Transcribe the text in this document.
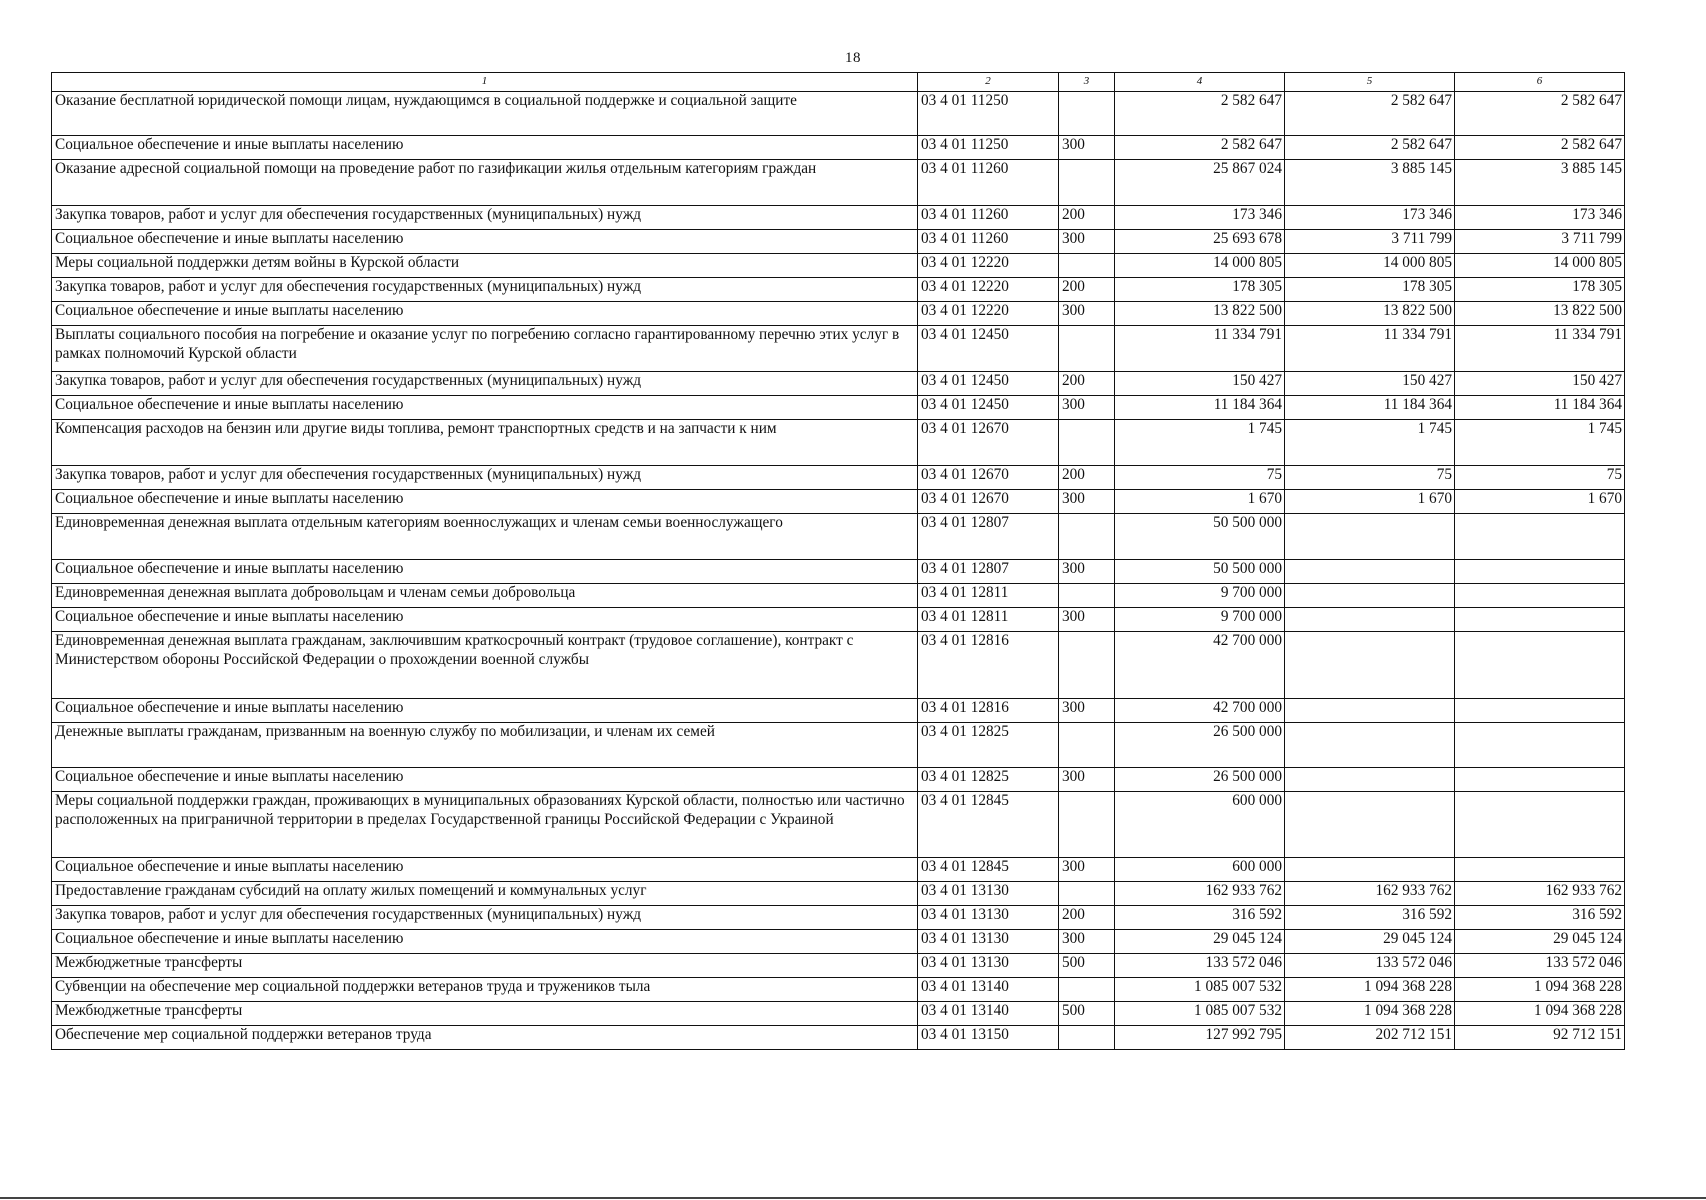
18
1	2	3	4	5	6
Оказание бесплатной юридической помощи лицам, нуждающимся в социальной поддержке и социальной защите	03 4 01 11250		2 582 647	2 582 647	2 582 647
Социальное обеспечение и иные выплаты населению	03 4 01 11250	300	2 582 647	2 582 647	2 582 647
Оказание адресной социальной помощи на проведение работ по газификации жилья отдельным категориям граждан	03 4 01 11260		25 867 024	3 885 145	3 885 145
Закупка товаров, работ и услуг для обеспечения государственных (муниципальных) нужд	03 4 01 11260	200	173 346	173 346	173 346
Социальное обеспечение и иные выплаты населению	03 4 01 11260	300	25 693 678	3 711 799	3 711 799
Меры социальной поддержки детям войны в Курской области	03 4 01 12220		14 000 805	14 000 805	14 000 805
Закупка товаров, работ и услуг для обеспечения государственных (муниципальных) нужд	03 4 01 12220	200	178 305	178 305	178 305
Социальное обеспечение и иные выплаты населению	03 4 01 12220	300	13 822 500	13 822 500	13 822 500
Выплаты социального пособия на погребение и оказание услуг по погребению согласно гарантированному перечню этих услуг в рамках полномочий Курской области	03 4 01 12450		11 334 791	11 334 791	11 334 791
Закупка товаров, работ и услуг для обеспечения государственных (муниципальных) нужд	03 4 01 12450	200	150 427	150 427	150 427
Социальное обеспечение и иные выплаты населению	03 4 01 12450	300	11 184 364	11 184 364	11 184 364
Компенсация расходов на бензин или другие виды топлива, ремонт транспортных средств и на запчасти к ним	03 4 01 12670		1 745	1 745	1 745
Закупка товаров, работ и услуг для обеспечения государственных (муниципальных) нужд	03 4 01 12670	200	75	75	75
Социальное обеспечение и иные выплаты населению	03 4 01 12670	300	1 670	1 670	1 670
Единовременная денежная выплата отдельным категориям военнослужащих и членам семьи военнослужащего	03 4 01 12807		50 500 000		
Социальное обеспечение и иные выплаты населению	03 4 01 12807	300	50 500 000		
Единовременная денежная выплата добровольцам и членам семьи добровольца	03 4 01 12811		9 700 000		
Социальное обеспечение и иные выплаты населению	03 4 01 12811	300	9 700 000		
Единовременная денежная выплата гражданам, заключившим краткосрочный контракт (трудовое соглашение), контракт с Министерством обороны Российской Федерации о прохождении военной службы	03 4 01 12816		42 700 000		
Социальное обеспечение и иные выплаты населению	03 4 01 12816	300	42 700 000		
Денежные выплаты гражданам, призванным на военную службу по мобилизации, и членам их семей	03 4 01 12825		26 500 000		
Социальное обеспечение и иные выплаты населению	03 4 01 12825	300	26 500 000		
Меры социальной поддержки граждан, проживающих в муниципальных образованиях Курской области, полностью или частично расположенных на приграничной территории в пределах Государственной границы Российской Федерации с Украиной	03 4 01 12845		600 000		
Социальное обеспечение и иные выплаты населению	03 4 01 12845	300	600 000		
Предоставление гражданам субсидий на оплату жилых помещений и коммунальных услуг	03 4 01 13130		162 933 762	162 933 762	162 933 762
Закупка товаров, работ и услуг для обеспечения государственных (муниципальных) нужд	03 4 01 13130	200	316 592	316 592	316 592
Социальное обеспечение и иные выплаты населению	03 4 01 13130	300	29 045 124	29 045 124	29 045 124
Межбюджетные трансферты	03 4 01 13130	500	133 572 046	133 572 046	133 572 046
Субвенции на обеспечение мер социальной поддержки ветеранов труда и тружеников тыла	03 4 01 13140		1 085 007 532	1 094 368 228	1 094 368 228
Межбюджетные трансферты	03 4 01 13140	500	1 085 007 532	1 094 368 228	1 094 368 228
Обеспечение мер социальной поддержки ветеранов труда	03 4 01 13150		127 992 795	202 712 151	92 712 151
